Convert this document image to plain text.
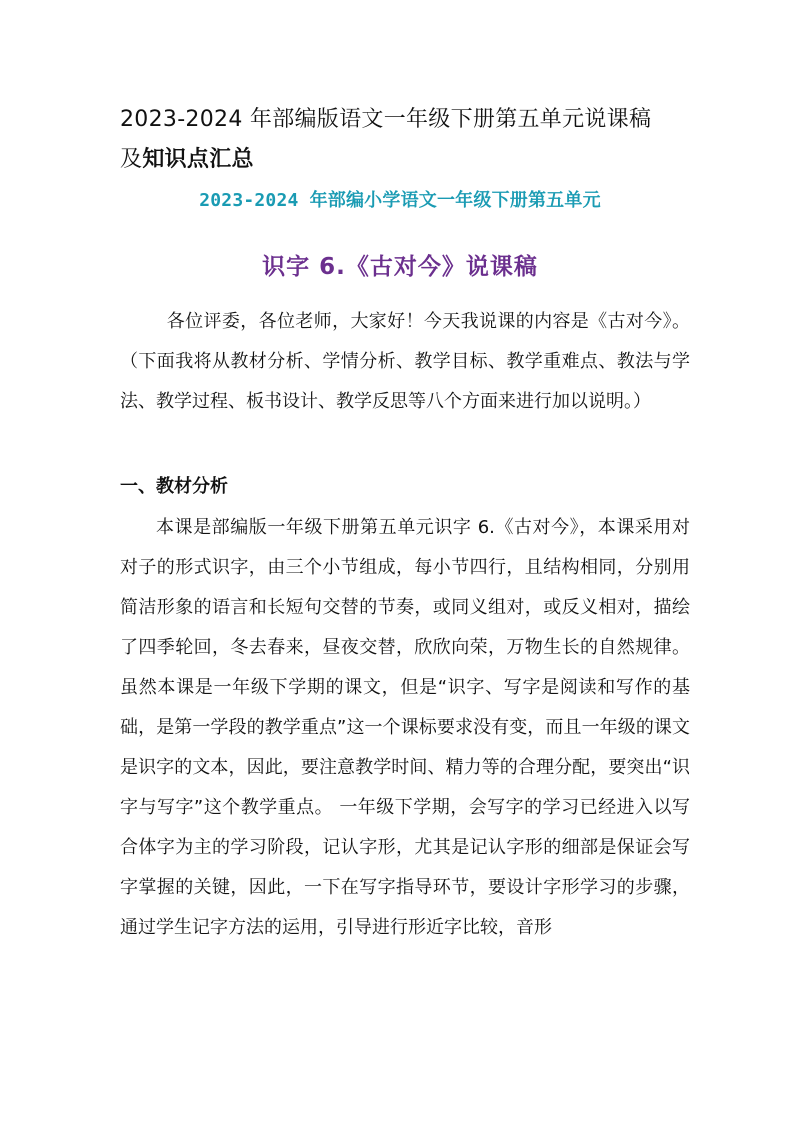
2023-2024 年部编版语文一年级下册第五单元说课稿
及知识点汇总
2023-2024 年部编小学语文一年级下册第五单元
识字 6.《古对今》说课稿
各位评委，各位老师，大家好！今天我说课的内容是《古对今》。（下面我将从教材分析、学情分析、教学目标、教学重难点、教法与学法、教学过程、板书设计、教学反思等八个方面来进行加以说明。）
一、教材分析
本课是部编版一年级下册第五单元识字 6.《古对今》，本课采用对对子的形式识字，由三个小节组成，每小节四行，且结构相同，分别用简洁形象的语言和长短句交替的节奏，或同义组对，或反义相对，描绘了四季轮回，冬去春来，昼夜交替，欣欣向荣，万物生长的自然规律。 虽然本课是一年级下学期的课文，但是“识字、写字是阅读和写作的基础，是第一学段的教学重点”这一个课标要求没有变，而且一年级的课文是识字的文本，因此，要注意教学时间、精力等的合理分配，要突出“识字与写字”这个教学重点。 一年级下学期，会写字的学习已经进入以写合体字为主的学习阶段，记认字形，尤其是记认字形的细部是保证会写字掌握的关键，因此，一下在写字指导环节，要设计字形学习的步骤，通过学生记字方法的运用，引导进行形近字比较，音形
